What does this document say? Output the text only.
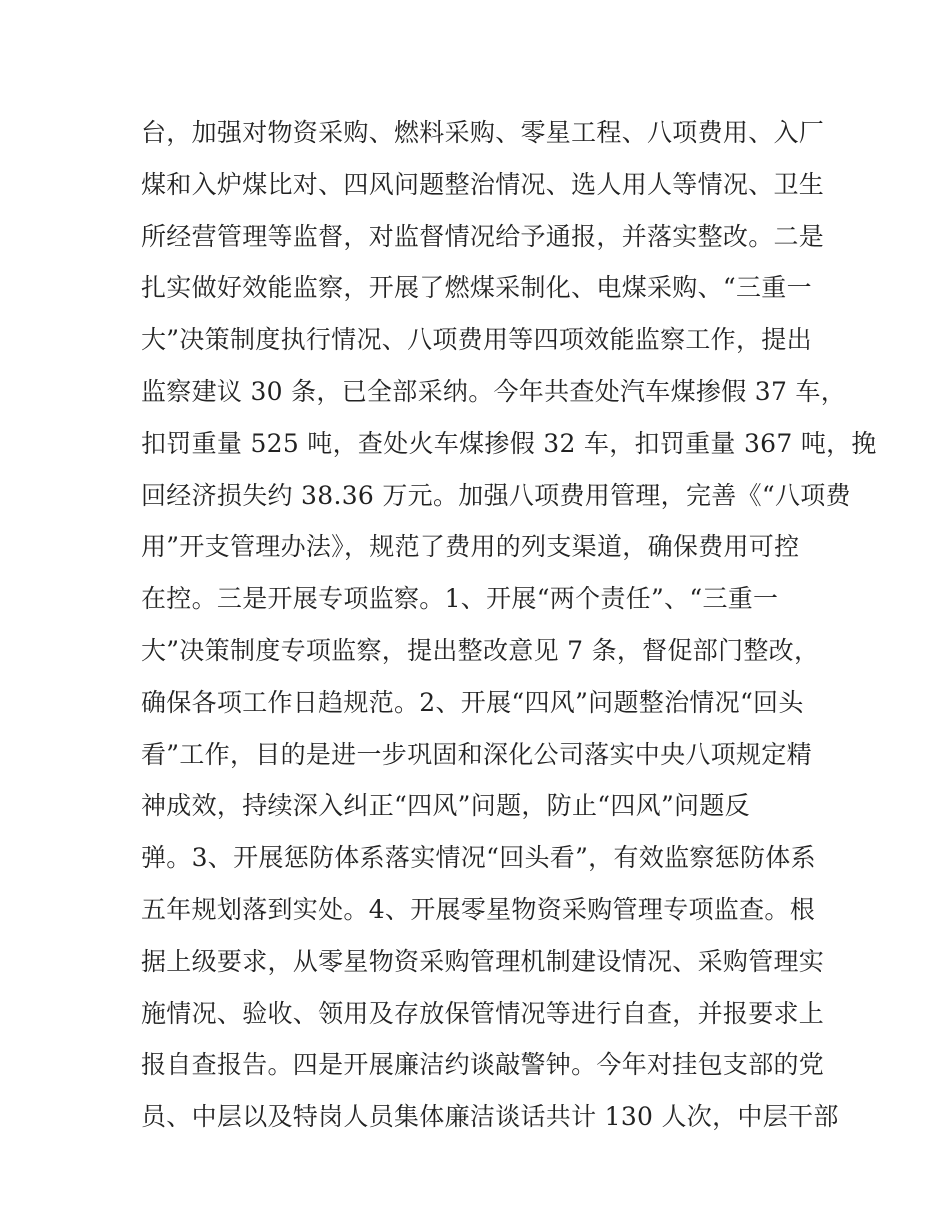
台，加强对物资采购、燃料采购、零星工程、八项费用、入厂
煤和入炉煤比对、四风问题整治情况、选人用人等情况、卫生
所经营管理等监督，对监督情况给予通报，并落实整改。二是
扎实做好效能监察，开展了燃煤采制化、电煤采购、“三重一
大”决策制度执行情况、八项费用等四项效能监察工作，提出
监察建议 30 条，已全部采纳。今年共查处汽车煤掺假 37 车，
扣罚重量 525 吨，查处火车煤掺假 32 车，扣罚重量 367 吨，挽
回经济损失约 38.36 万元。加强八项费用管理，完善《“八项费
用”开支管理办法》，规范了费用的列支渠道，确保费用可控
在控。三是开展专项监察。1、开展“两个责任”、“三重一
大”决策制度专项监察，提出整改意见 7 条，督促部门整改，
确保各项工作日趋规范。2、开展“四风”问题整治情况“回头
看”工作，目的是进一步巩固和深化公司落实中央八项规定精
神成效，持续深入纠正“四风”问题，防止“四风”问题反
弹。3、开展惩防体系落实情况“回头看”，有效监察惩防体系
五年规划落到实处。4、开展零星物资采购管理专项监查。根
据上级要求，从零星物资采购管理机制建设情况、采购管理实
施情况、验收、领用及存放保管情况等进行自查，并报要求上
报自查报告。四是开展廉洁约谈敲警钟。今年对挂包支部的党
员、中层以及特岗人员集体廉洁谈话共计 130 人次，中层干部
